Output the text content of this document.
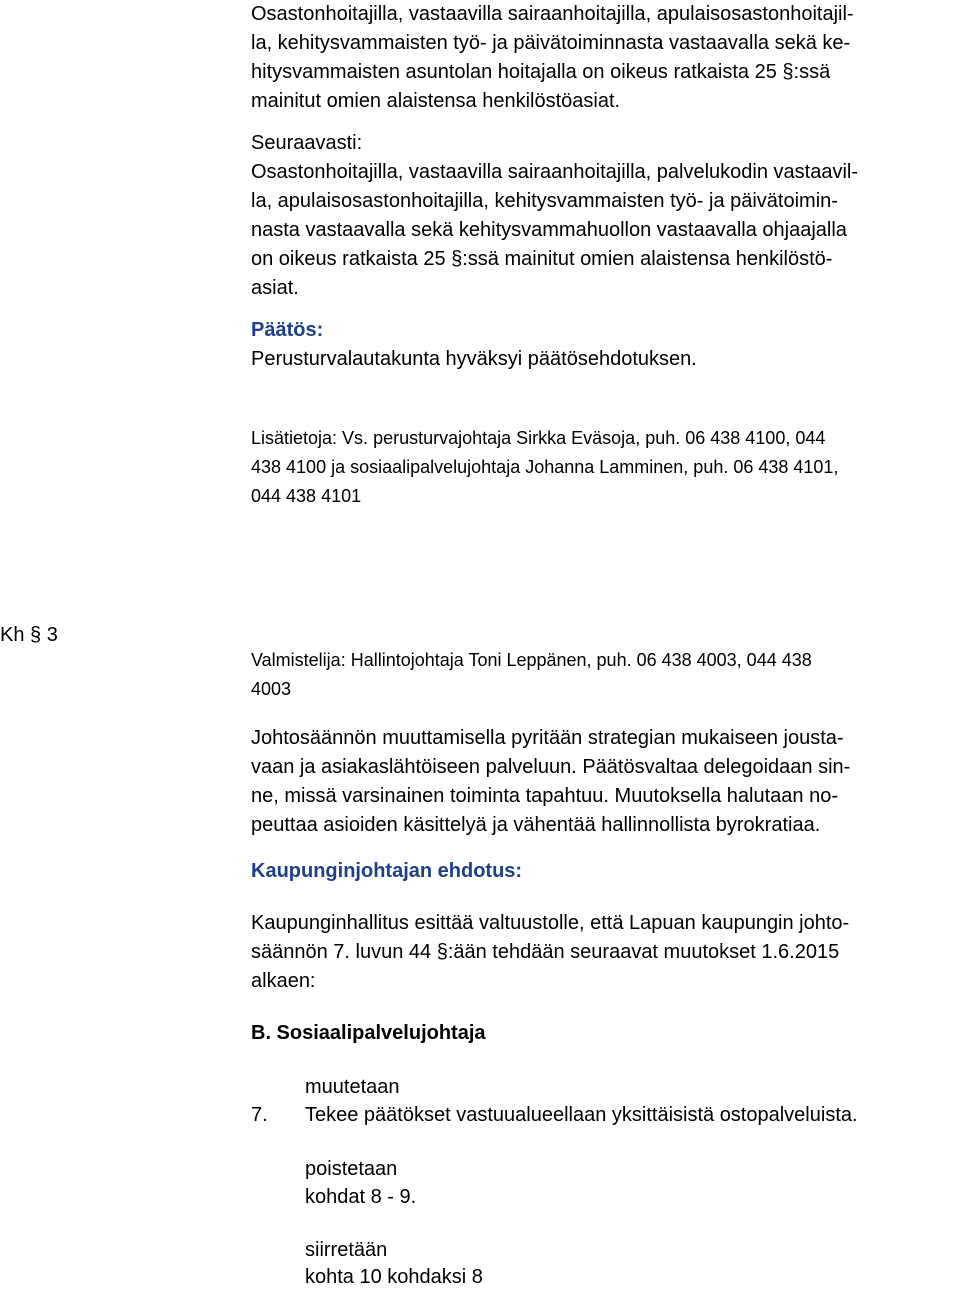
Osastonhoitajilla, vastaavilla sairaanhoitajilla, apulaisosastonhoitajil-
la, kehitysvammaisten työ- ja päivätoiminnasta vastaavalla sekä ke-
hitysvammaisten asuntolan hoitajalla on oikeus ratkaista 25 §:ssä
mainitut omien alaistensa henkilöstöasiat.
Seuraavasti:
Osastonhoitajilla, vastaavilla sairaanhoitajilla, palvelukodin vastaavil-
la, apulaisosastonhoitajilla, kehitysvammaisten työ- ja päivätoimin-
nasta vastaavalla sekä kehitysvammahuollon vastaavalla ohjaajalla
on oikeus ratkaista 25 §:ssä mainitut omien alaistensa henkilöstö-
asiat.
Päätös:
Perusturvalautakunta hyväksyi päätösehdotuksen.
Lisätietoja: Vs. perusturvajohtaja Sirkka Eväsoja, puh. 06 438 4100, 044
438 4100 ja sosiaalipalvelujohtaja Johanna Lamminen, puh. 06 438 4101,
044 438 4101
Kh § 3
Valmistelija: Hallintojohtaja Toni Leppänen, puh. 06 438 4003, 044 438
4003
Johtosäännön muuttamisella pyritään strategian mukaiseen jousta-
vaan ja asiakaslähtöiseen palveluun. Päätösvaltaa delegoidaan sin-
ne, missä varsinainen toiminta tapahtuu. Muutoksella halutaan no-
peuttaa asioiden käsittelyä ja vähentää hallinnollista byrokratiaa.
Kaupunginjohtajan ehdotus:
Kaupunginhallitus esittää valtuustolle, että Lapuan kaupungin johto-
säännön 7. luvun 44 §:ään tehdään seuraavat muutokset 1.6.2015
alkaen:
B. Sosiaalipalvelujohtaja
muutetaan
7. Tekee päätökset vastuualueellaan yksittäisistä ostopalveluista.
poistetaan
kohdat 8 - 9.
siirretään
kohta 10 kohdaksi 8
